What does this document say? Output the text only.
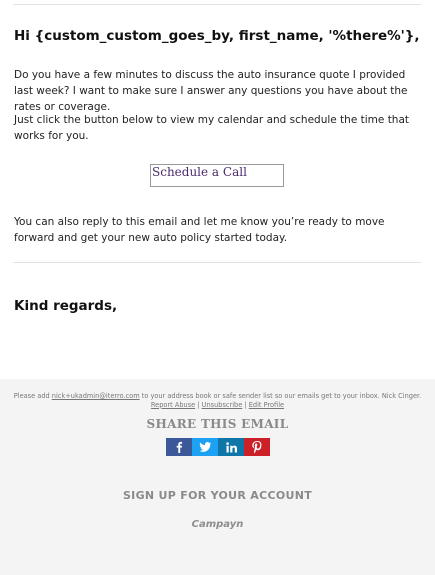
Hi {custom_custom_goes_by, first_name, '%there%'},

Do you have a few minutes to discuss the auto insurance quote I provided last week? I want to make sure I answer any questions you have about the rates or coverage.

Just click the button below to view my calendar and schedule the time that works for you.

Schedule a Call

You can also reply to this email and let me know you’re ready to move forward and get your new auto policy started today.

Kind regards,
Please add nick+ukadmin@iterro.com to your address book or safe sender list so our emails get to your inbox. Nick Cinger.
Report Abuse | Unsubscribe | Edit Profile
SHARE THIS EMAIL
SIGN UP FOR YOUR ACCOUNT
Campayn
